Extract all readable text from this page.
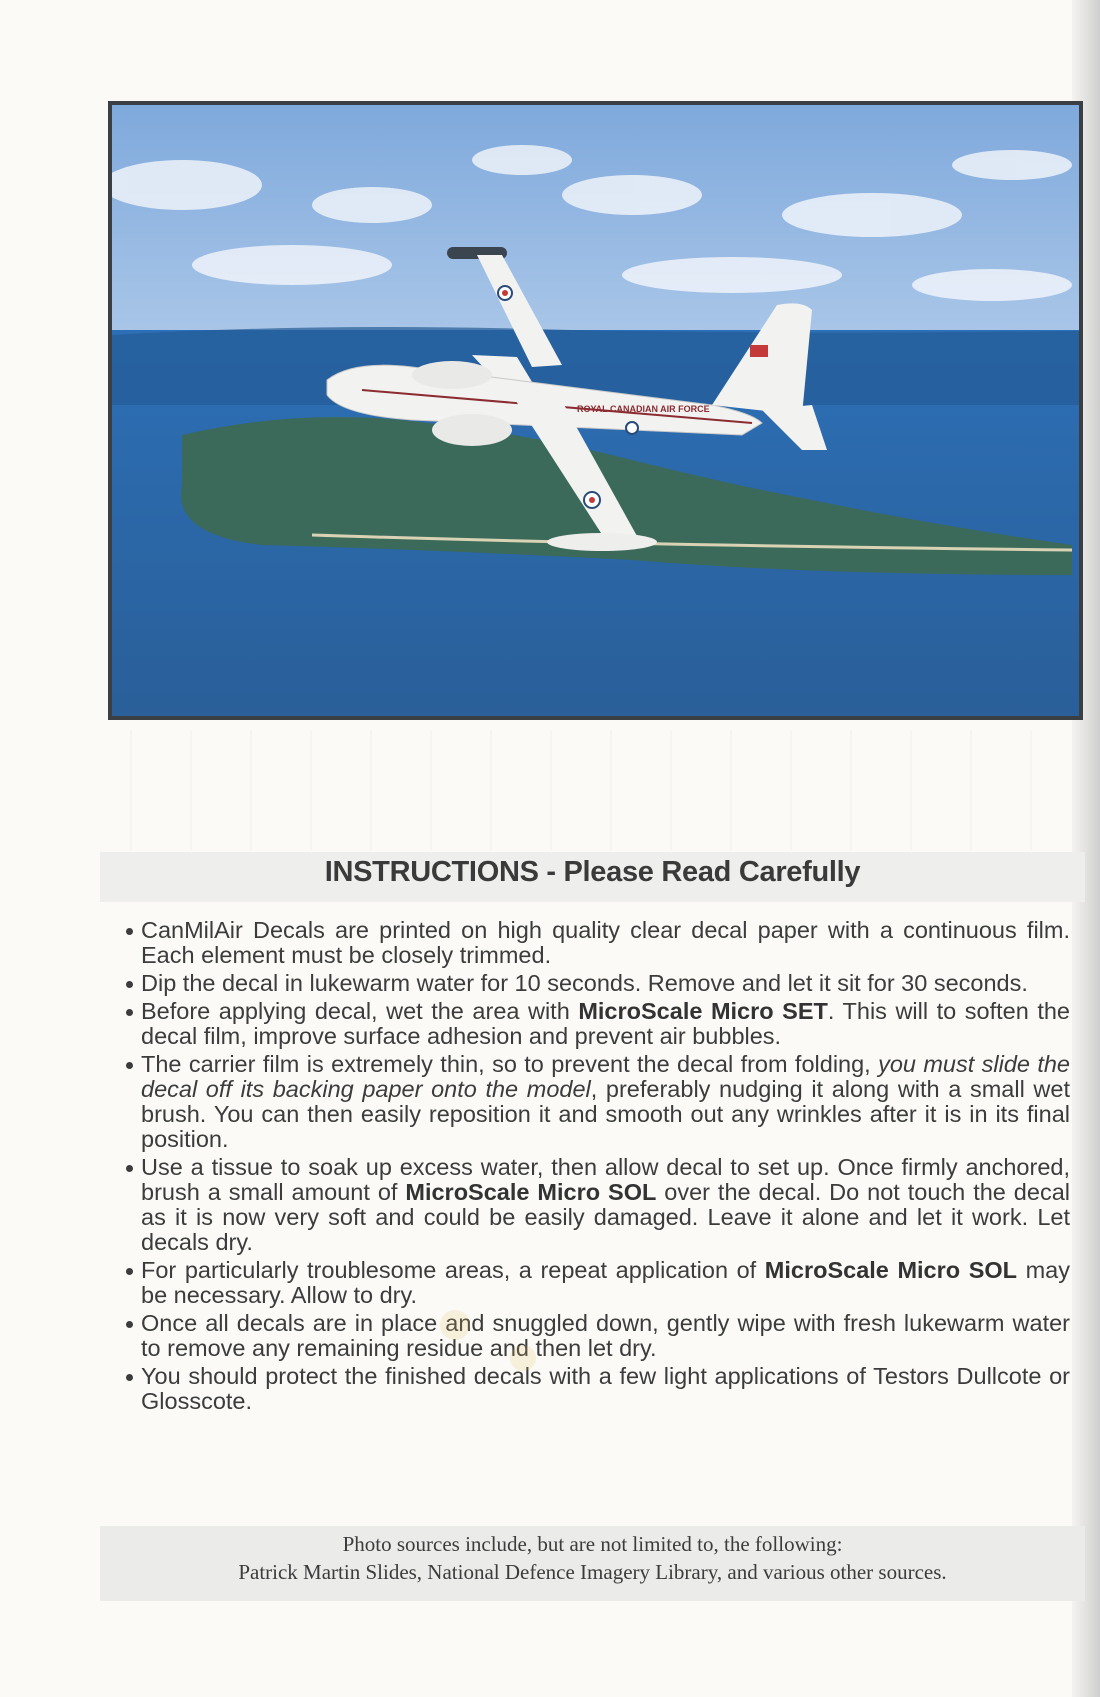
ROYAL CANADIAN AIR FORCE
INSTRUCTIONS - Please Read Carefully
CanMilAir Decals are printed on high quality clear decal paper with a continuous film. Each element must be closely trimmed.
Dip the decal in lukewarm water for 10 seconds. Remove and let it sit for 30 seconds.
Before applying decal, wet the area with MicroScale Micro SET. This will to soften the decal film, improve surface adhesion and prevent air bubbles.
The carrier film is extremely thin, so to prevent the decal from folding, you must slide the decal off its backing paper onto the model, preferably nudging it along with a small wet brush. You can then easily reposition it and smooth out any wrinkles after it is in its final position.
Use a tissue to soak up excess water, then allow decal to set up. Once firmly anchored, brush a small amount of MicroScale Micro SOL over the decal. Do not touch the decal as it is now very soft and could be easily damaged. Leave it alone and let it work. Let decals dry.
For particularly troublesome areas, a repeat application of MicroScale Micro SOL may be necessary. Allow to dry.
Once all decals are in place and snuggled down, gently wipe with fresh lukewarm water to remove any remaining residue and then let dry.
You should protect the finished decals with a few light applications of Testors Dullcote or Glosscote.
Photo sources include, but are not limited to, the following:
Patrick Martin Slides, National Defence Imagery Library, and various other sources.
